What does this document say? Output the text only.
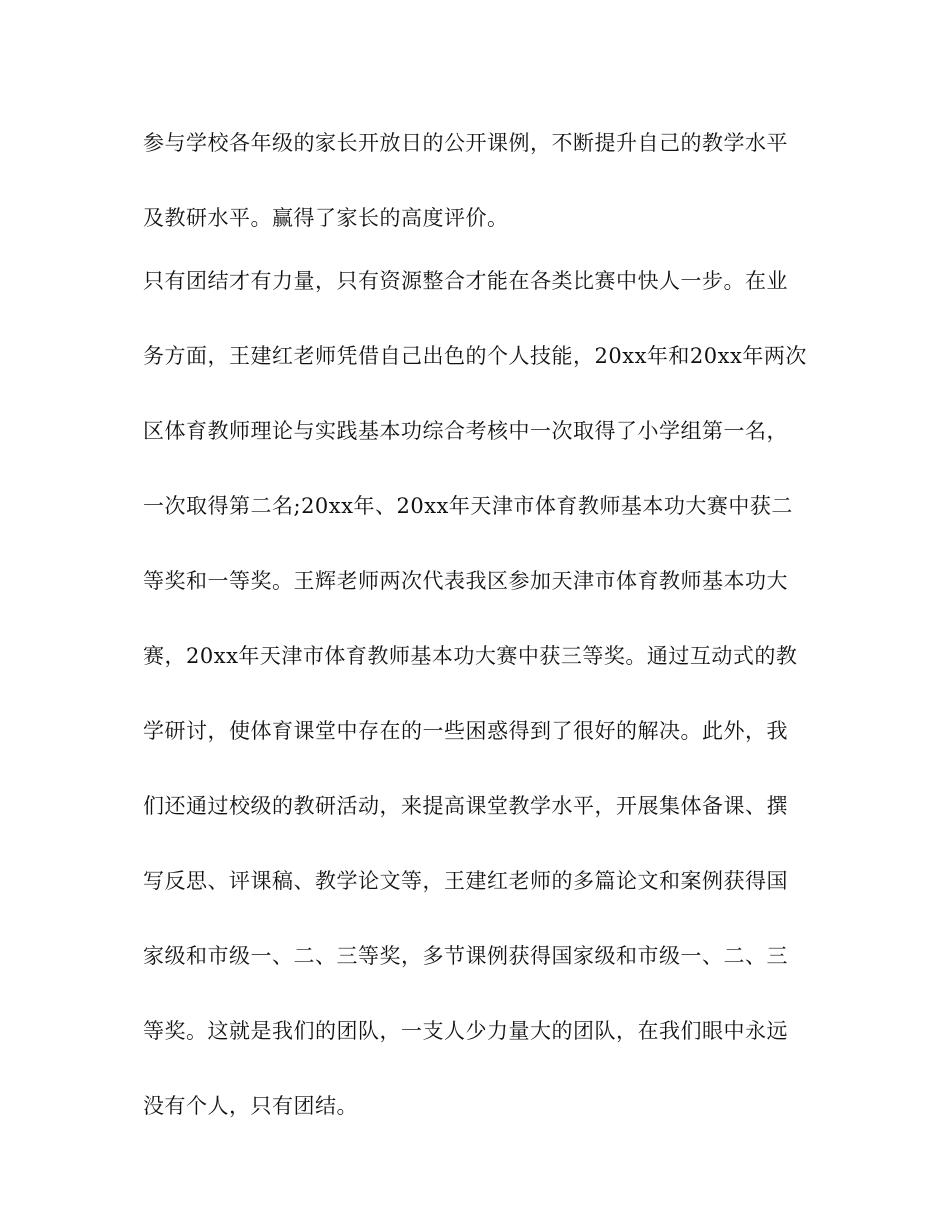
参与学校各年级的家长开放日的公开课例，不断提升自己的教学水平
及教研水平。赢得了家长的高度评价。
只有团结才有力量，只有资源整合才能在各类比赛中快人一步。在业
务方面，王建红老师凭借自己出色的个人技能，20xx年和20xx年两次
区体育教师理论与实践基本功综合考核中一次取得了小学组第一名，
一次取得第二名;20xx年、20xx年天津市体育教师基本功大赛中获二
等奖和一等奖。王辉老师两次代表我区参加天津市体育教师基本功大
赛，20xx年天津市体育教师基本功大赛中获三等奖。通过互动式的教
学研讨，使体育课堂中存在的一些困惑得到了很好的解决。此外，我
们还通过校级的教研活动，来提高课堂教学水平，开展集体备课、撰
写反思、评课稿、教学论文等，王建红老师的多篇论文和案例获得国
家级和市级一、二、三等奖，多节课例获得国家级和市级一、二、三
等奖。这就是我们的团队，一支人少力量大的团队，在我们眼中永远
没有个人，只有团结。
